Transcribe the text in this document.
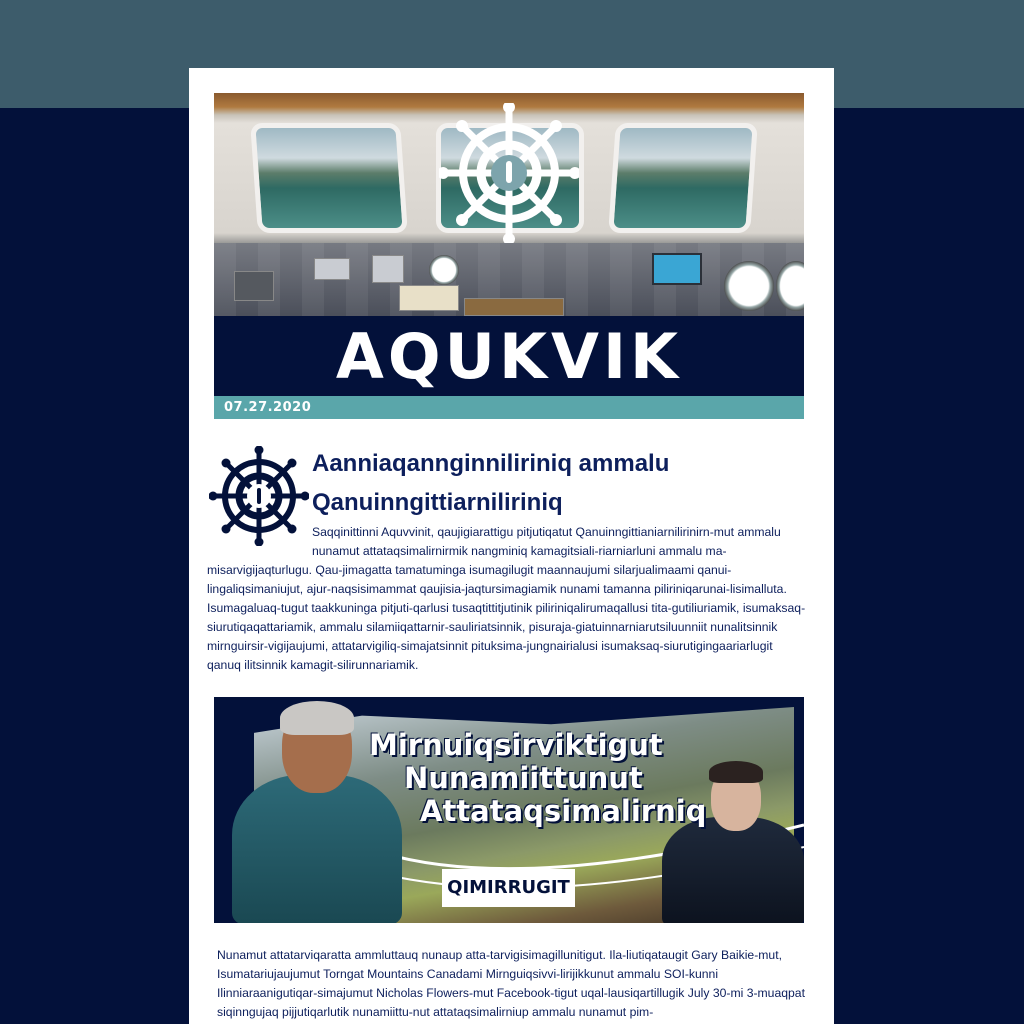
AQUKVIK
07.27.2020
Aanniaqannginniliriniq ammalu Qanuinngittiarniliriniq
Saqqinittinni Aquvvinit, qaujigiarattigu pitjutiqatut Qanuinngittianiarnilirinirn-mut ammalu nunamut attataqsimalirnirmik nangminiq kamagitsiali-riarniarluni ammalu ma-misarvigijaqturlugu. Qau-jimagatta tamatuminga isumagilugit maannaujumi silarjualimaami qanui-lingaliqsimaniujut, ajur-naqsisimammat qaujisia-jaqtursimagiamik nunami tamanna piliriniqarunai-lisimalluta. Isumagaluaq-tugut taakkuninga pitjuti-qarlusi tusaqtittitjutinik piliriniqalirumaqallusi tita-gutiliuriamik, isumaksaq-siurutiqaqattariamik, ammalu silamiiqattarnir-sauliriatsinnik, pisuraja-giatuinnarniarutsiluunniit nunalitsinnik mirnguirsir-vigijaujumi, attatarvigiliq-simajatsinnit pituksima-jungnairialusi isumaksaq-siurutigingaariarlugit qanuq ilitsinnik kamagit-silirunnariamik.
Mirnuiqsirviktigut
Nunamiittunut
Attataqsimalirniq
QIMIRRUGIT
Nunamut attatarviqaratta ammluttauq nunaup atta-tarvigisimagillunitigut. Ila-liutiqataugit Gary Baikie-mut, Isumatariujaujumut Torngat Mountains Canadami Mirnguiqsivvi-lirijikkunut ammalu SOI-kunni Ilinniaraanigutiqar-simajumut Nicholas Flowers-mut Facebook-tigut uqal-lausiqartillugik July 30-mi 3-muaqpat siqinngujaq pijjutiqarlutik nunamiittu-nut attataqsimalirniup ammalu nunamut pim-
